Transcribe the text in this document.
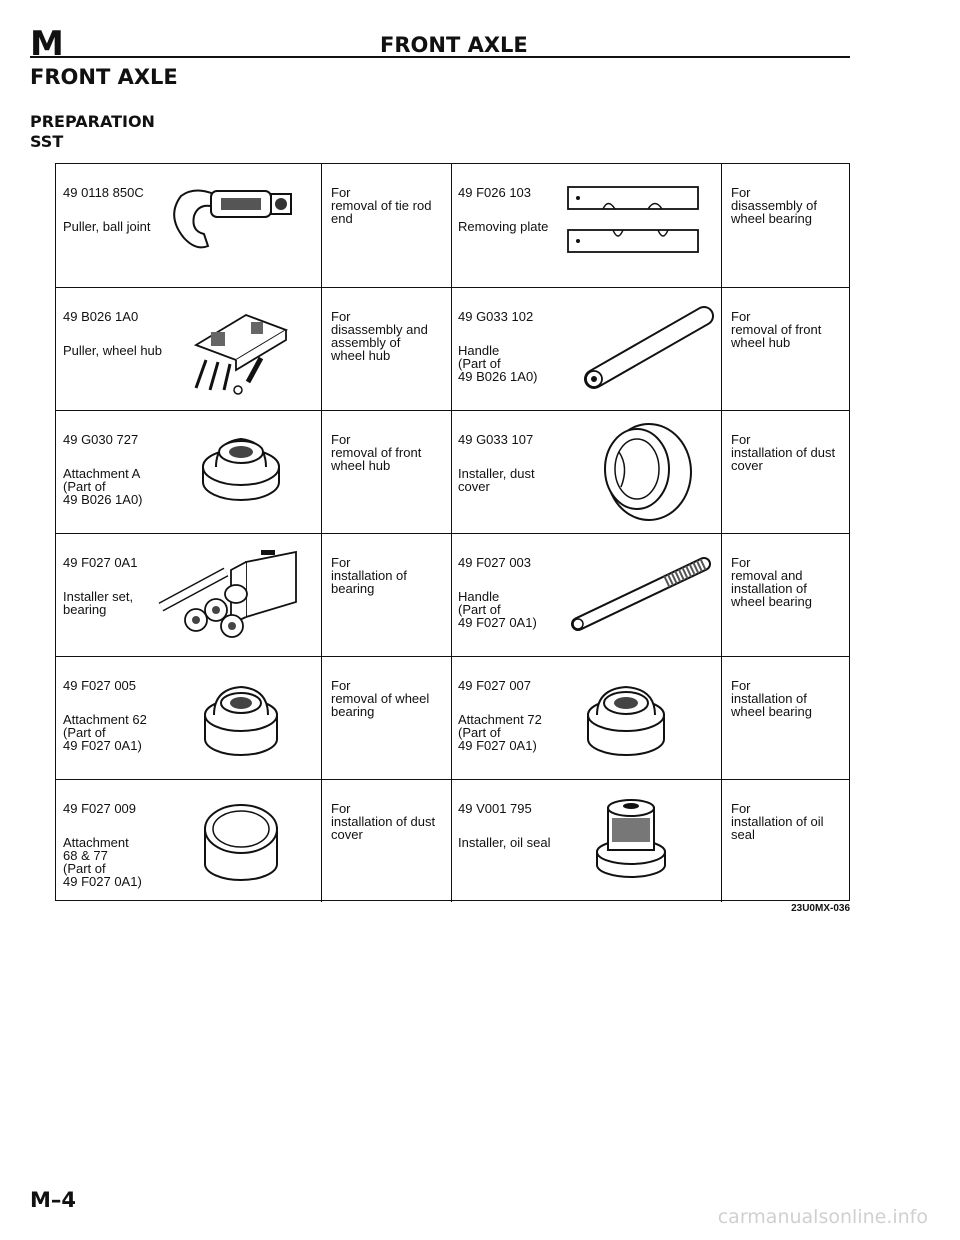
M	FRONT AXLE
FRONT AXLE
PREPARATION
SST
49 0118 850C
Puller, ball joint
For
removal of tie rod
end
49 F026 103
Removing plate
For
disassembly of
wheel bearing
49 B026 1A0
Puller, wheel hub
For
disassembly and
assembly of
wheel hub
49 G033 102
Handle
(Part of
49 B026 1A0)
For
removal of front
wheel hub
49 G030 727
Attachment A
(Part of
49 B026 1A0)
For
removal of front
wheel hub
49 G033 107
Installer, dust
cover
For
installation of dust
cover
49 F027 0A1
Installer set,
bearing
For
installation of
bearing
49 F027 003
Handle
(Part of
49 F027 0A1)
For
removal and
installation of
wheel bearing
49 F027 005
Attachment 62
(Part of
49 F027 0A1)
For
removal of wheel
bearing
49 F027 007
Attachment 72
(Part of
49 F027 0A1)
For
installation of
wheel bearing
49 F027 009
Attachment
68 & 77
(Part of
49 F027 0A1)
For
installation of dust
cover
49 V001 795
Installer, oil seal
For
installation of oil
seal
23U0MX-036
M–4
carmanualsonline.info
